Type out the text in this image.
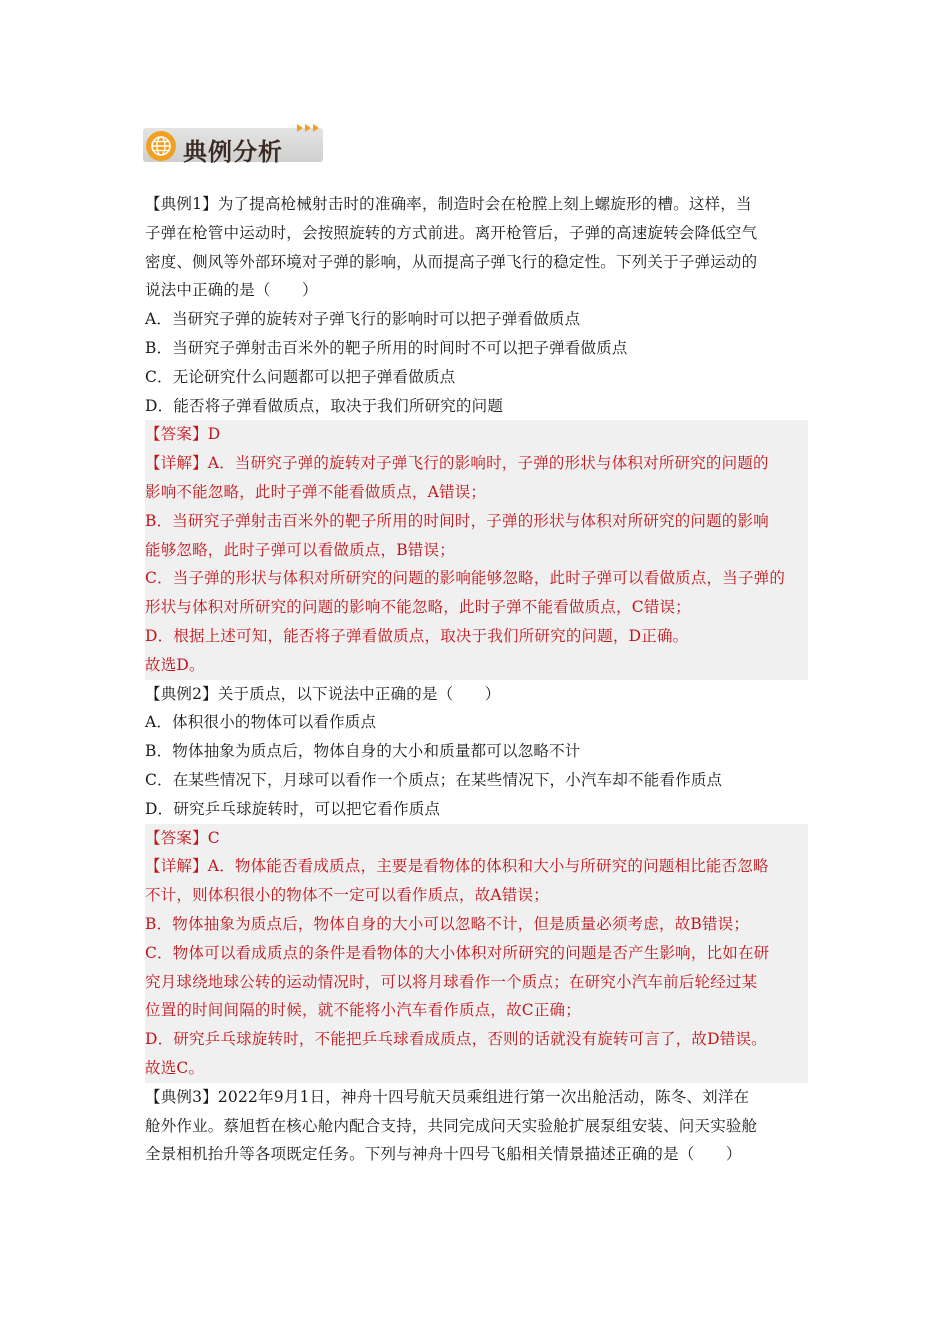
典例分析
【典例1】为了提高枪械射击时的准确率，制造时会在枪膛上刻上螺旋形的槽。这样，当
子弹在枪管中运动时，会按照旋转的方式前进。离开枪管后，子弹的高速旋转会降低空气
密度、侧风等外部环境对子弹的影响，从而提高子弹飞行的稳定性。下列关于子弹运动的
说法中正确的是（　　）
A．当研究子弹的旋转对子弹飞行的影响时可以把子弹看做质点
B．当研究子弹射击百米外的靶子所用的时间时不可以把子弹看做质点
C．无论研究什么问题都可以把子弹看做质点
D．能否将子弹看做质点，取决于我们所研究的问题
【答案】D
【详解】A．当研究子弹的旋转对子弹飞行的影响时，子弹的形状与体积对所研究的问题的
影响不能忽略，此时子弹不能看做质点，A错误；
B．当研究子弹射击百米外的靶子所用的时间时，子弹的形状与体积对所研究的问题的影响
能够忽略，此时子弹可以看做质点，B错误；
C．当子弹的形状与体积对所研究的问题的影响能够忽略，此时子弹可以看做质点，当子弹的
形状与体积对所研究的问题的影响不能忽略，此时子弹不能看做质点，C错误；
D．根据上述可知，能否将子弹看做质点，取决于我们所研究的问题，D正确。
故选D。
【典例2】关于质点，以下说法中正确的是（　　）
A．体积很小的物体可以看作质点
B．物体抽象为质点后，物体自身的大小和质量都可以忽略不计
C．在某些情况下，月球可以看作一个质点；在某些情况下，小汽车却不能看作质点
D．研究乒乓球旋转时，可以把它看作质点
【答案】C
【详解】A．物体能否看成质点，主要是看物体的体积和大小与所研究的问题相比能否忽略
不计，则体积很小的物体不一定可以看作质点，故A错误；
B．物体抽象为质点后，物体自身的大小可以忽略不计，但是质量必须考虑，故B错误；
C．物体可以看成质点的条件是看物体的大小体积对所研究的问题是否产生影响，比如在研
究月球绕地球公转的运动情况时，可以将月球看作一个质点；在研究小汽车前后轮经过某
位置的时间间隔的时候，就不能将小汽车看作质点，故C正确；
D．研究乒乓球旋转时，不能把乒乓球看成质点，否则的话就没有旋转可言了，故D错误。
故选C。
【典例3】2022年9月1日，神舟十四号航天员乘组进行第一次出舱活动，陈冬、刘洋在
舱外作业。蔡旭哲在核心舱内配合支持，共同完成问天实验舱扩展泵组安装、问天实验舱
全景相机抬升等各项既定任务。下列与神舟十四号飞船相关情景描述正确的是（　　）
